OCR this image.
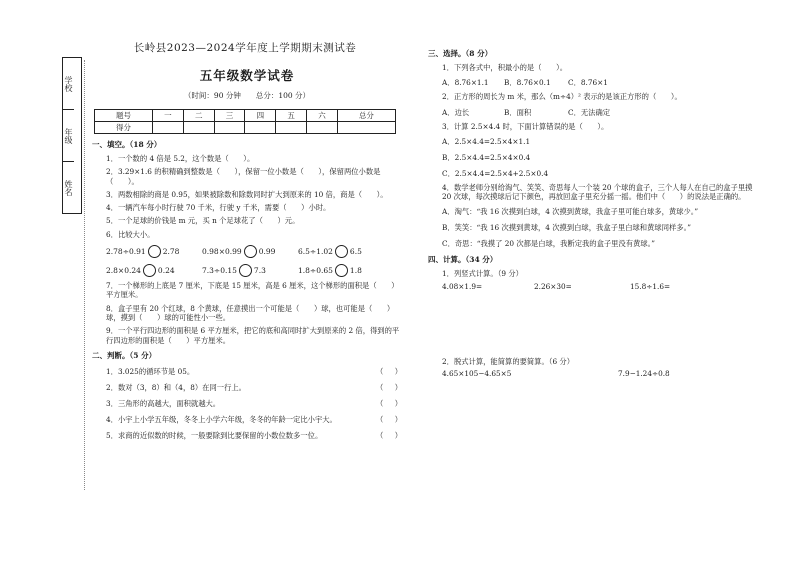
学校
年级
姓名
长岭县2023—2024学年度上学期期末测试卷
五年级数学试卷
（时间：90 分钟　　总分：100 分）
题号	一	二	三	四	五	六	总分
得分							
一、填空。（18 分）
1．一个数的 4 倍是 5.2，这个数是（　　）。
2．3.29×1.6 的积精确到整数是（　　），保留一位小数是（　　），保留两位小数是（　　）。
3．两数相除的商是 0.95，如果被除数和除数同时扩大到原来的 10 倍，商是（　　）。
4．一辆汽车每小时行驶 70 千米，行驶 y 千米，需要（　　）小时。
5．一个足球的价钱是 m 元，买 n 个足球花了（　　）元。
6．比较大小。
2.78÷0.91 2.78	0.98×0.99 0.99	6.5÷1.02 6.5
2.8×0.24 0.24	7.3÷0.15 7.3	1.8÷0.65 1.8
7．一个梯形的上底是 7 厘米，下底是 15 厘米，高是 6 厘米，这个梯形的面积是（　　）平方厘米。
8．盒子里有 20 个红球，8 个黄球，任意摸出一个可能是（　　）球，也可能是（　　）球，摸到（　　）球的可能性小一些。
9．一个平行四边形的面积是 6 平方厘米，把它的底和高同时扩大到原来的 2 倍，得到的平行四边形的面积是（　　）平方厘米。
二、判断。（5 分）
1．3.025的循环节是 05。	（ ）
2．数对（3，8）和（4，8）在同一行上。	（ ）
3．三角形的高越大，面积就越大。	（ ）
4．小宇上小学五年级，冬冬上小学六年级，冬冬的年龄一定比小宇大。	（ ）
5．求商的近似数的时候，一般要除到比要保留的小数位数多一位。	（ ）
三、选择。（8 分）
1．下列各式中，积最小的是（　　）。
A．8.76×1.1	B．8.76×0.1	C．8.76×1
2．正方形的周长为 m 米，那么（m÷4）² 表示的是该正方形的（　　）。
A．边长	B．面积	C．无法确定
3．计算 2.5×4.4 时，下面计算错误的是（　　）。
A．2.5×4.4=2.5×4×1.1
B．2.5×4.4=2.5×4×0.4
C．2.5×4.4=2.5×4+2.5×0.4
4．数学老师分别给淘气、笑笑、奇思每人一个装 20 个球的盒子，三个人每人在自己的盒子里摸 20 次球，每次摸球后记下颜色，再放回盒子里充分摇一摇。他们中（　　）的说法是正确的。
A．淘气：“我 16 次摸到白球，4 次摸到黄球，我盒子里可能白球多，黄球少。”
B．笑笑：“我 16 次摸到黄球，4 次摸到白球，我盒子里白球和黄球同样多。”
C．奇思：“我摸了 20 次都是白球，我断定我的盒子里没有黄球。”
四、计算。（34 分）
1．列竖式计算。（9 分）
4.08×1.9=	2.26×30=	15.8÷1.6=
2．脱式计算，能简算的要简算。（6 分）
4.65×105−4.65×5	7.9−1.24÷0.8
